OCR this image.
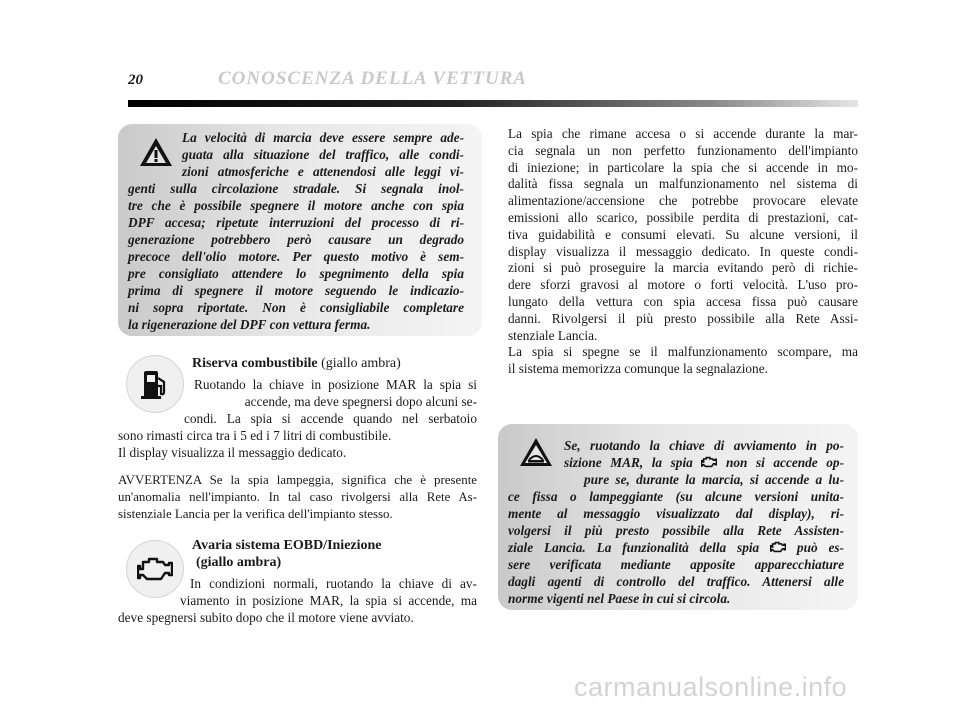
20	CONOSCENZA DELLA VETTURA
La velocità di marcia deve essere sempre ade-
guata alla situazione del traffico, alle condi-
zioni atmosferiche e attenendosi alle leggi vi-
genti sulla circolazione stradale. Si segnala inol-
tre che è possibile spegnere il motore anche con spia
DPF accesa; ripetute interruzioni del processo di ri-
generazione potrebbero però causare un degrado
precoce dell'olio motore. Per questo motivo è sem-
pre consigliato attendere lo spegnimento della spia
prima di spegnere il motore seguendo le indicazio-
ni sopra riportate. Non è consigliabile completare
la rigenerazione del DPF con vettura ferma.
Riserva combustibile (giallo ambra)
Ruotando la chiave in posizione MAR la spia si
accende, ma deve spegnersi dopo alcuni se-
condi. La spia si accende quando nel serbatoio
sono rimasti circa tra i 5 ed i 7 litri di combustibile.
Il display visualizza il messaggio dedicato.
AVVERTENZA Se la spia lampeggia, significa che è presente
un'anomalia nell'impianto. In tal caso rivolgersi alla Rete As-
sistenziale Lancia per la verifica dell'impianto stesso.
Avaria sistema EOBD/Iniezione
(giallo ambra)
In condizioni normali, ruotando la chiave di av-
viamento in posizione MAR, la spia si accende, ma
deve spegnersi subito dopo che il motore viene avviato.
La spia che rimane accesa o si accende durante la mar-
cia segnala un non perfetto funzionamento dell'impianto
di iniezione; in particolare la spia che si accende in mo-
dalità fissa segnala un malfunzionamento nel sistema di
alimentazione/accensione che potrebbe provocare elevate
emissioni allo scarico, possibile perdita di prestazioni, cat-
tiva guidabilità e consumi elevati. Su alcune versioni, il
display visualizza il messaggio dedicato. In queste condi-
zioni si può proseguire la marcia evitando però di richie-
dere sforzi gravosi al motore o forti velocità. L'uso pro-
lungato della vettura con spia accesa fissa può causare
danni. Rivolgersi il più presto possibile alla Rete Assi-
stenziale Lancia.
La spia si spegne se il malfunzionamento scompare, ma
il sistema memorizza comunque la segnalazione.
Se, ruotando la chiave di avviamento in po-
sizione MAR, la spia  non si accende op-
pure se, durante la marcia, si accende a lu-
ce fissa o lampeggiante (su alcune versioni unita-
mente al messaggio visualizzato dal display), ri-
volgersi il più presto possibile alla Rete Assisten-
ziale Lancia. La funzionalità della spia  può es-
sere verificata mediante apposite apparecchiature
dagli agenti di controllo del traffico. Attenersi alle
norme vigenti nel Paese in cui si circola.
carmanualsonline.info
